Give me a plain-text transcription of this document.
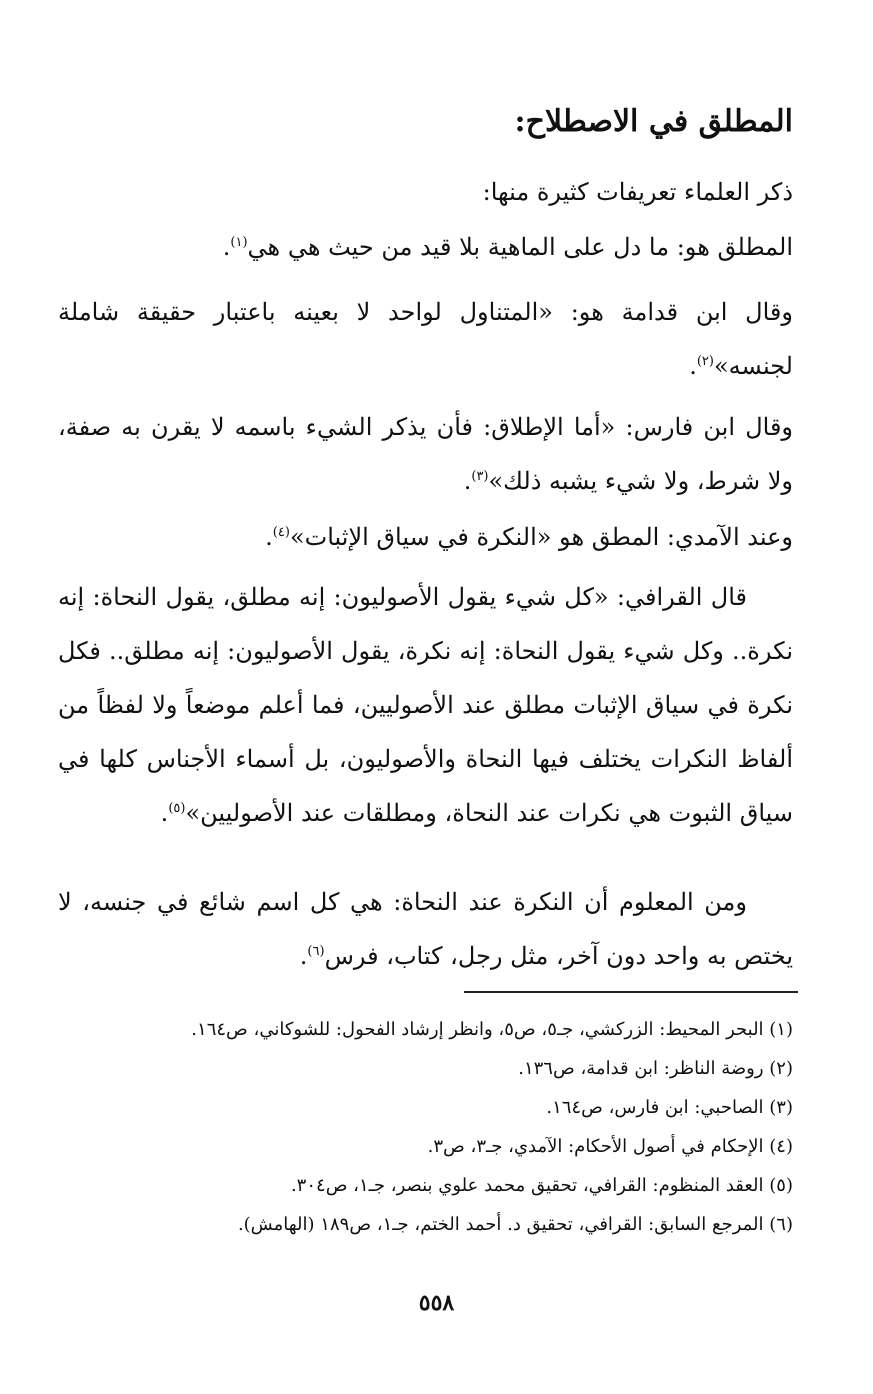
المطلق في الاصطلاح:

ذكر العلماء تعريفات كثيرة منها:

المطلق هو: ما دل على الماهية بلا قيد من حيث هي هي$^{(١)}$.

وقال ابن قدامة هو: «المتناول لواحد لا بعينه باعتبار حقيقة شاملة لجنسه»$^{(٢)}$.

وقال ابن فارس: «أما الإطلاق: فأن يذكر الشيء باسمه لا يقرن به صفة، ولا شرط، ولا شيء يشبه ذلك»$^{(٣)}$.

وعند الآمدي: المطق هو «النكرة في سياق الإثبات»$^{(٤)}$.

قال القرافي: «كل شيء يقول الأصوليون: إنه مطلق، يقول النحاة: إنه نكرة.. وكل شيء يقول النحاة: إنه نكرة، يقول الأصوليون: إنه مطلق.. فكل نكرة في سياق الإثبات مطلق عند الأصوليين، فما أعلم موضعاً ولا لفظاً من ألفاظ النكرات يختلف فيها النحاة والأصوليون، بل أسماء الأجناس كلها في سياق الثبوت هي نكرات عند النحاة، ومطلقات عند الأصوليين»$^{(٥)}$.

ومن المعلوم أن النكرة عند النحاة: هي كل اسم شائع في جنسه، لا يختص به واحد دون آخر، مثل رجل، كتاب، فرس$^{(٦)}$.

(١) البحر المحيط: الزركشي، جـ٥، ص٥، وانظر إرشاد الفحول: للشوكاني، ص١٦٤.
(٢) روضة الناظر: ابن قدامة، ص١٣٦.
(٣) الصاحبي: ابن فارس، ص١٦٤.
(٤) الإحكام في أصول الأحكام: الآمدي، جـ٣، ص٣.
(٥) العقد المنظوم: القرافي، تحقيق محمد علوي بنصر، جـ١، ص٣٠٤.
(٦) المرجع السابق: القرافي، تحقيق د. أحمد الختم، جـ١، ص١٨٩ (الهامش).
٥٥٨
